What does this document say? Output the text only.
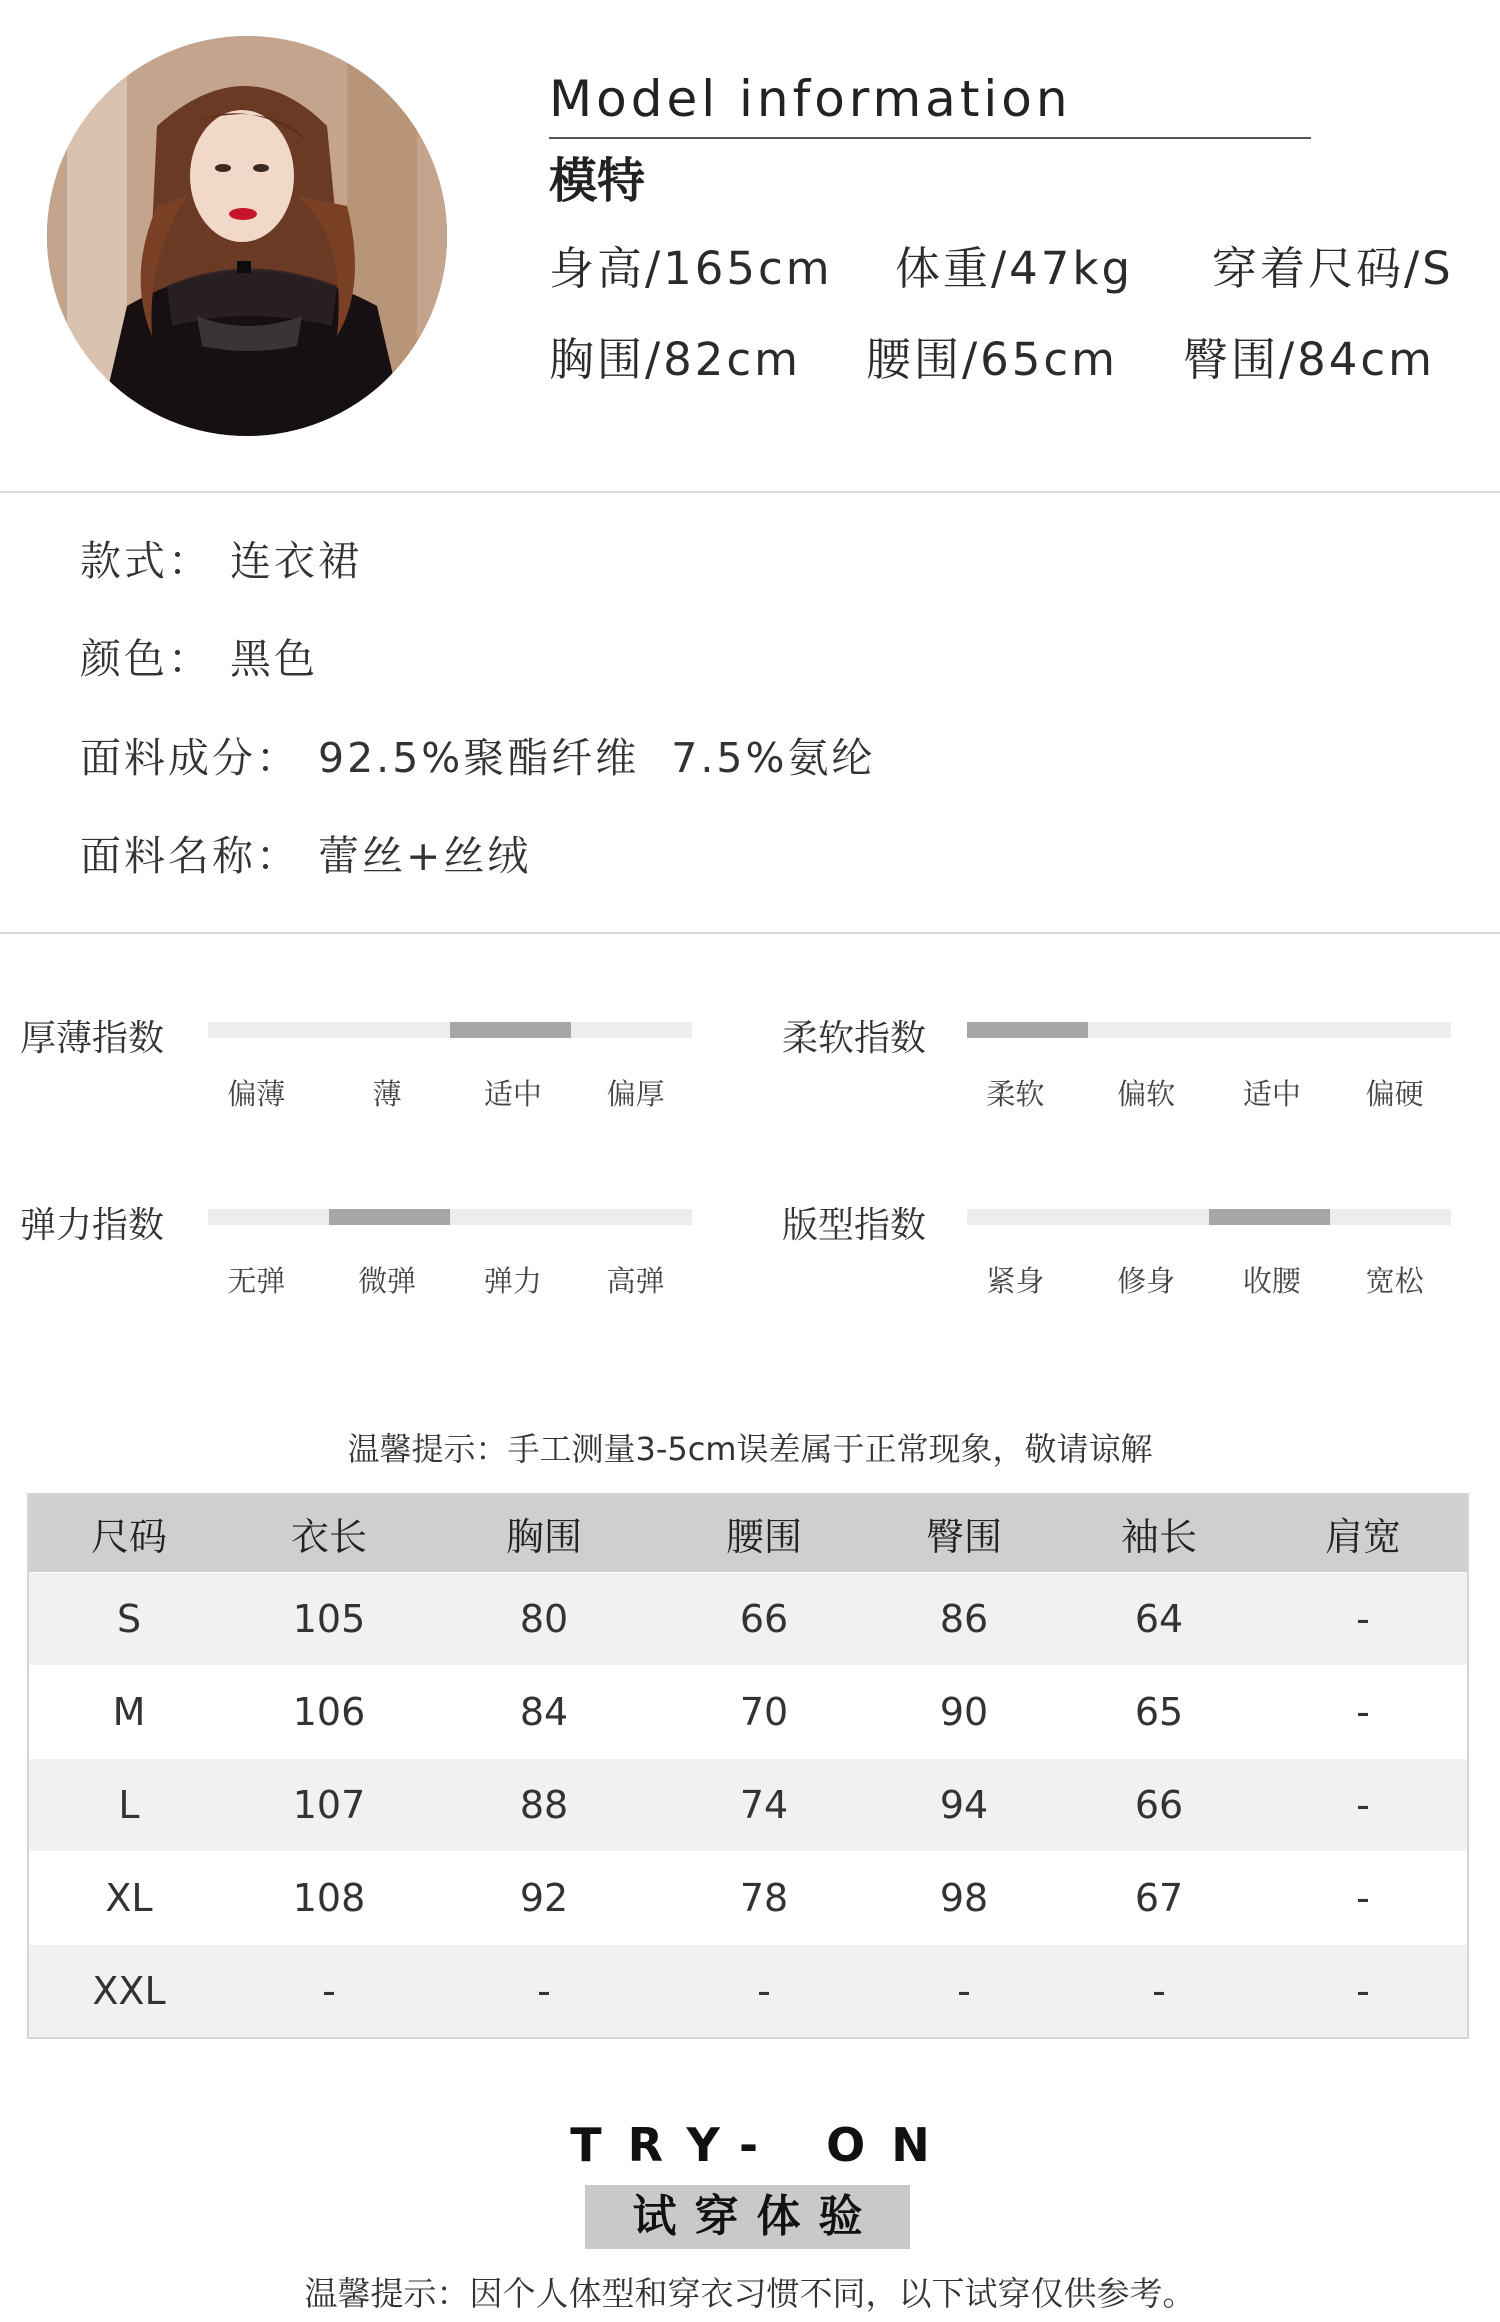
Model information
模特
身高/165cm 体重/47kg 穿着尺码/S
胸围/82cm 腰围/65cm 臀围/84cm
款式： 连衣裙
颜色： 黑色
面料成分： 92.5%聚酯纤维  7.5%氨纶
面料名称： 蕾丝+丝绒
厚薄指数
偏薄	薄	适中 偏厚
柔软指数
柔软	偏软 适中 偏硬
弹力指数
无弹	微弹 弹力 高弹
版型指数
紧身	修身 收腰 宽松
温馨提示：手工测量3-5cm误差属于正常现象，敬请谅解
尺码	衣长	胸围	腰围	臀围	袖长	肩宽
S	105	80	66	86	64	-
M	106	84	70	90	65	-
L	107	88	74	94	66	-
XL	108	92	78	98	67	-
XXL	-	-	-	-	-	-
TRY- ON
试穿体验
温馨提示：因个人体型和穿衣习惯不同，以下试穿仅供参考。
